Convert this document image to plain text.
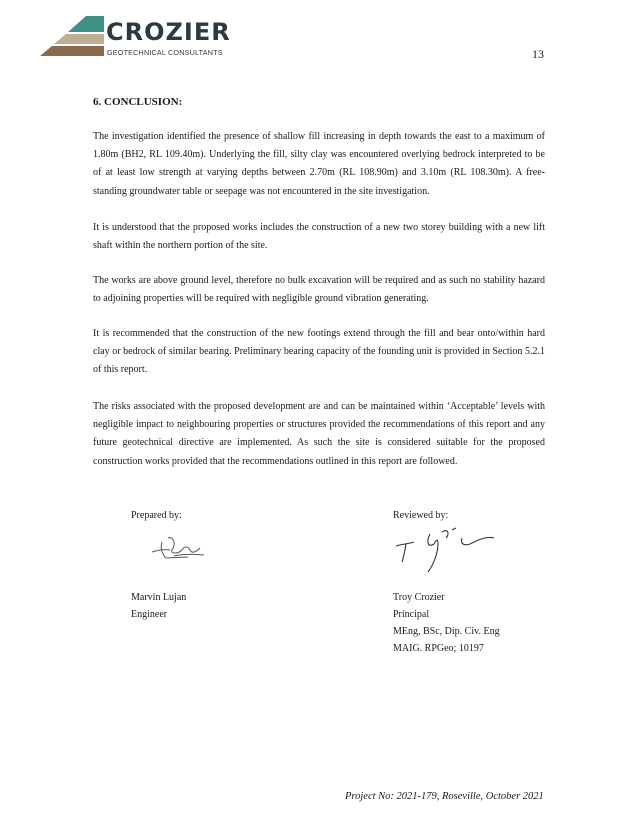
CROZIER
GEOTECHNICAL CONSULTANTS	13
6. CONCLUSION:

The investigation identified the presence of shallow fill increasing in depth towards the east to a maximum of 1.80m (BH2, RL 109.40m). Underlying the fill, silty clay was encountered overlying bedrock interpreted to be of at least low strength at varying depths between 2.70m (RL 108.90m) and 3.10m (RL 108.30m). A free-standing groundwater table or seepage was not encountered in the site investigation.

It is understood that the proposed works includes the construction of a new two storey building with a new lift shaft within the northern portion of the site.

The works are above ground level, therefore no bulk excavation will be required and as such no stability hazard to adjoining properties will be required with negligible ground vibration generating.

It is recommended that the construction of the new footings extend through the fill and bear onto/within hard clay or bedrock of similar bearing. Preliminary bearing capacity of the founding unit is provided in Section 5.2.1 of this report.

The risks associated with the proposed development are and can be maintained within ‘Acceptable’ levels with negligible impact to neighbouring properties or structures provided the recommendations of this report and any future geotechnical directive are implemented. As such the site is considered suitable for the proposed construction works provided that the recommendations outlined in this report are followed.

Prepared by:
Marvin Lujan
Engineer
Reviewed by:
Troy Crozier
Principal
MEng, BSc, Dip. Civ. Eng
MAIG. RPGeo; 10197
Project No: 2021-179, Roseville, October 2021
